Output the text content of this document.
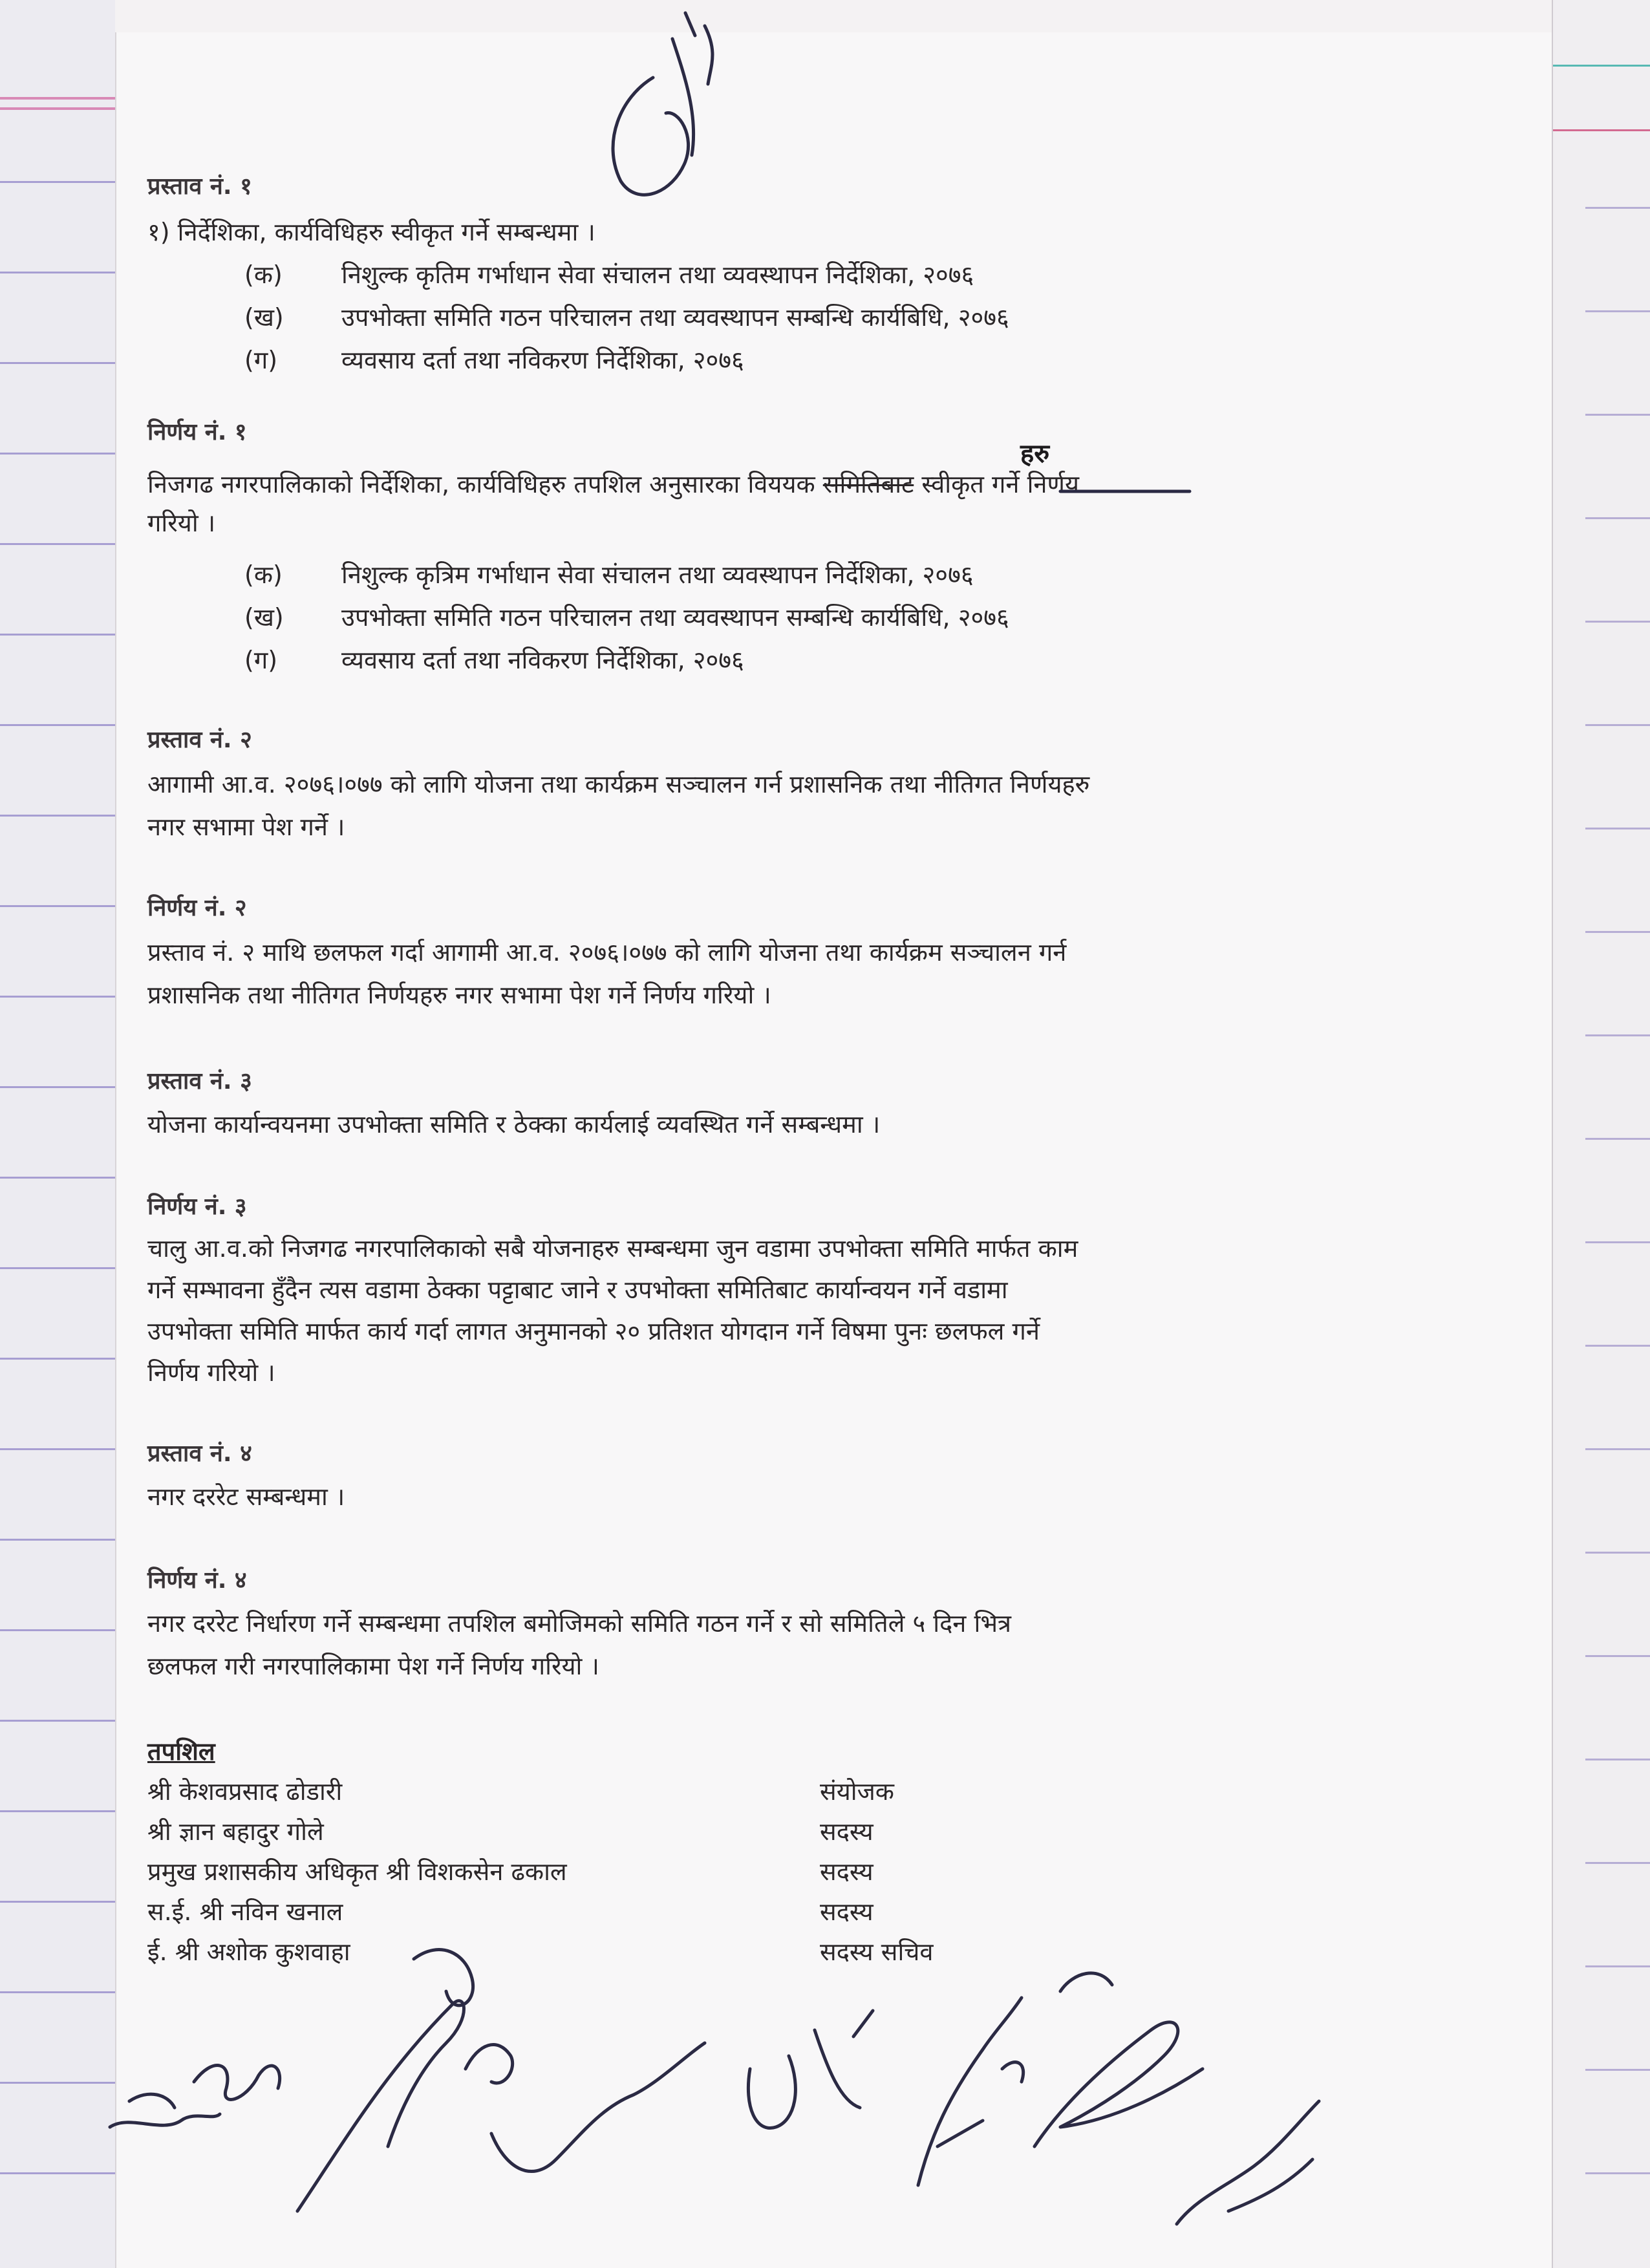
प्रस्ताव नं. १
१) निर्देशिका, कार्यविधिहरु स्वीकृत गर्ने सम्बन्धमा ।
(क) निशुल्क कृतिम गर्भाधान सेवा संचालन तथा व्यवस्थापन निर्देशिका, २०७६
(ख) उपभोक्ता समिति गठन परिचालन तथा व्यवस्थापन सम्बन्धि कार्यबिधि, २०७६
(ग)	व्यवसाय दर्ता तथा नविकरण निर्देशिका, २०७६
निर्णय नं. १
हरु
निजगढ नगरपालिकाको निर्देशिका, कार्यविधिहरु तपशिल अनुसारका विययक समितिबाट स्वीकृत गर्ने निर्णय
गरियो ।
(क) निशुल्क कृत्रिम गर्भाधान सेवा संचालन तथा व्यवस्थापन निर्देशिका, २०७६
(ख) उपभोक्ता समिति गठन परिचालन तथा व्यवस्थापन सम्बन्धि कार्यबिधि, २०७६
(ग)	व्यवसाय दर्ता तथा नविकरण निर्देशिका, २०७६
प्रस्ताव नं. २
आगामी आ.व. २०७६।०७७ को लागि योजना तथा कार्यक्रम सञ्चालन गर्न प्रशासनिक तथा नीतिगत निर्णयहरु
नगर सभामा पेश गर्ने ।
निर्णय नं. २
प्रस्ताव नं. २ माथि छलफल गर्दा आगामी आ.व. २०७६।०७७ को लागि योजना तथा कार्यक्रम सञ्चालन गर्न
प्रशासनिक तथा नीतिगत निर्णयहरु नगर सभामा पेश गर्ने निर्णय गरियो ।
प्रस्ताव नं. ३
योजना कार्यान्वयनमा उपभोक्ता समिति र ठेक्का कार्यलाई व्यवस्थित गर्ने सम्बन्धमा ।
निर्णय नं. ३
चालु आ.व.को निजगढ नगरपालिकाको सबै योजनाहरु सम्बन्धमा जुन वडामा उपभोक्ता समिति मार्फत काम
गर्ने सम्भावना हुँदैन त्यस वडामा ठेक्का पट्टाबाट जाने र उपभोक्ता समितिबाट कार्यान्वयन गर्ने वडामा
उपभोक्ता समिति मार्फत कार्य गर्दा लागत अनुमानको २० प्रतिशत योगदान गर्ने विषमा पुनः छलफल गर्ने
निर्णय गरियो ।
प्रस्ताव नं. ४
नगर दररेट सम्बन्धमा ।
निर्णय नं. ४
नगर दररेट निर्धारण गर्ने सम्बन्धमा तपशिल बमोजिमको समिति गठन गर्ने र सो समितिले ५ दिन भित्र
छलफल गरी नगरपालिकामा पेश गर्ने निर्णय गरियो ।
तपशिल
श्री केशवप्रसाद ढोडारी	संयोजक
श्री ज्ञान बहादुर गोले	सदस्य
प्रमुख प्रशासकीय अधिकृत श्री विशकसेन ढकाल	सदस्य
स.ई. श्री नविन खनाल	सदस्य
ई. श्री अशोक कुशवाहा	सदस्य सचिव
